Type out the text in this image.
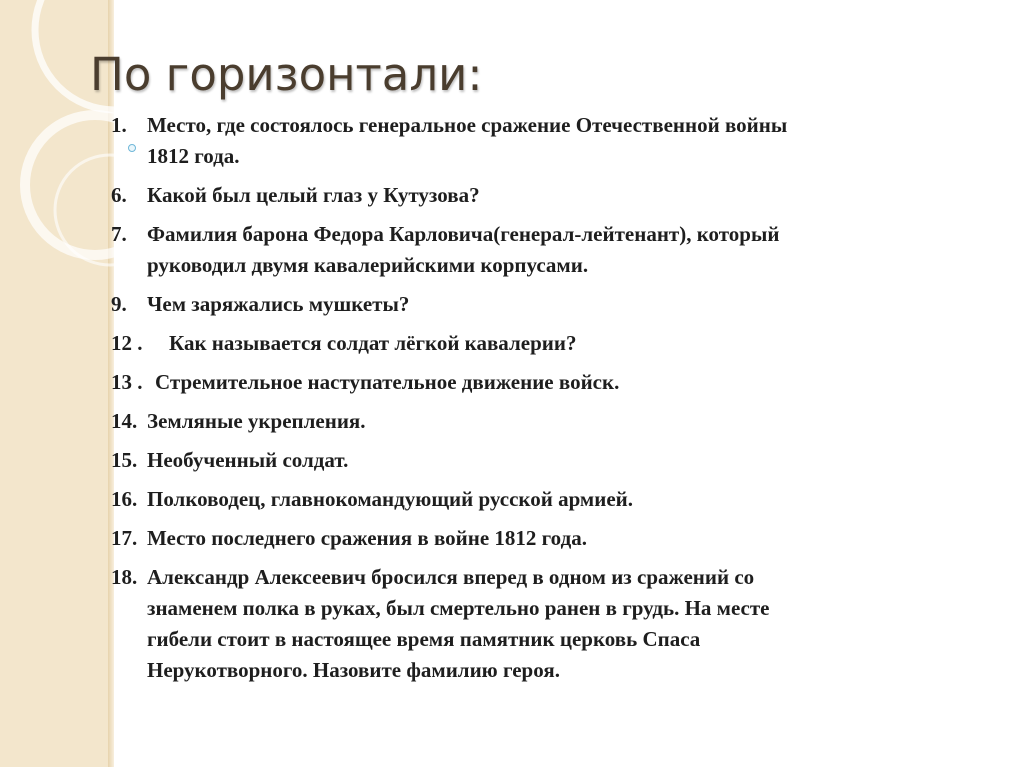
По горизонтали:
1. Место, где состоялось генеральное сражение Отечественной войны
1812 года.
6. Какой был целый глаз у Кутузова?
7. Фамилия барона Федора Карловича(генерал-лейтенант), который
руководил двумя кавалерийскими корпусами.
9. Чем заряжались мушкеты?
12 .	Как называется солдат лёгкой кавалерии?
13 . Стремительное наступательное движение войск.
14. Земляные укрепления.
15. Необученный солдат.
16. Полководец, главнокомандующий русской армией.
17. Место последнего сражения в войне 1812 года.
18. Александр Алексеевич бросился вперед в одном из сражений со
знаменем полка в руках, был смертельно ранен в грудь. На месте
гибели стоит в настоящее время памятник церковь Спаса
Нерукотворного. Назовите фамилию героя.
